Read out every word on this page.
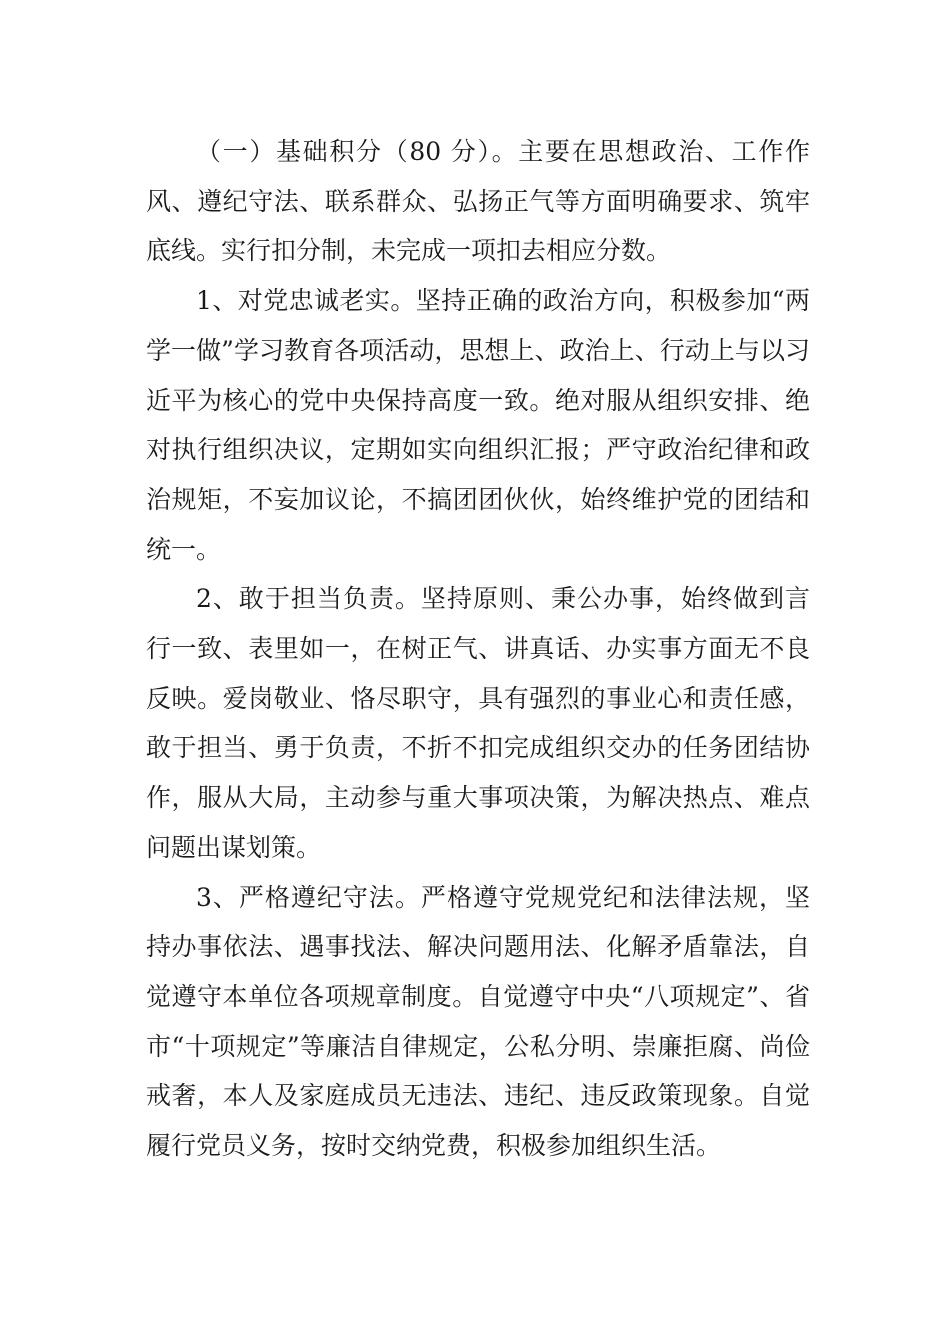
（一）基础积分（80 分）。主要在思想政治、工作作风、遵纪守法、联系群众、弘扬正气等方面明确要求、筑牢底线。实行扣分制，未完成一项扣去相应分数。

1、对党忠诚老实。坚持正确的政治方向，积极参加“两学一做”学习教育各项活动，思想上、政治上、行动上与以习近平为核心的党中央保持高度一致。绝对服从组织安排、绝对执行组织决议，定期如实向组织汇报；严守政治纪律和政治规矩，不妄加议论，不搞团团伙伙，始终维护党的团结和统一。

2、敢于担当负责。坚持原则、秉公办事，始终做到言行一致、表里如一，在树正气、讲真话、办实事方面无不良反映。爱岗敬业、恪尽职守，具有强烈的事业心和责任感，敢于担当、勇于负责，不折不扣完成组织交办的任务团结协作，服从大局，主动参与重大事项决策，为解决热点、难点问题出谋划策。

3、严格遵纪守法。严格遵守党规党纪和法律法规，坚持办事依法、遇事找法、解决问题用法、化解矛盾靠法，自觉遵守本单位各项规章制度。自觉遵守中央“八项规定”、省市“十项规定”等廉洁自律规定，公私分明、崇廉拒腐、尚俭戒奢，本人及家庭成员无违法、违纪、违反政策现象。自觉履行党员义务，按时交纳党费，积极参加组织生活。
